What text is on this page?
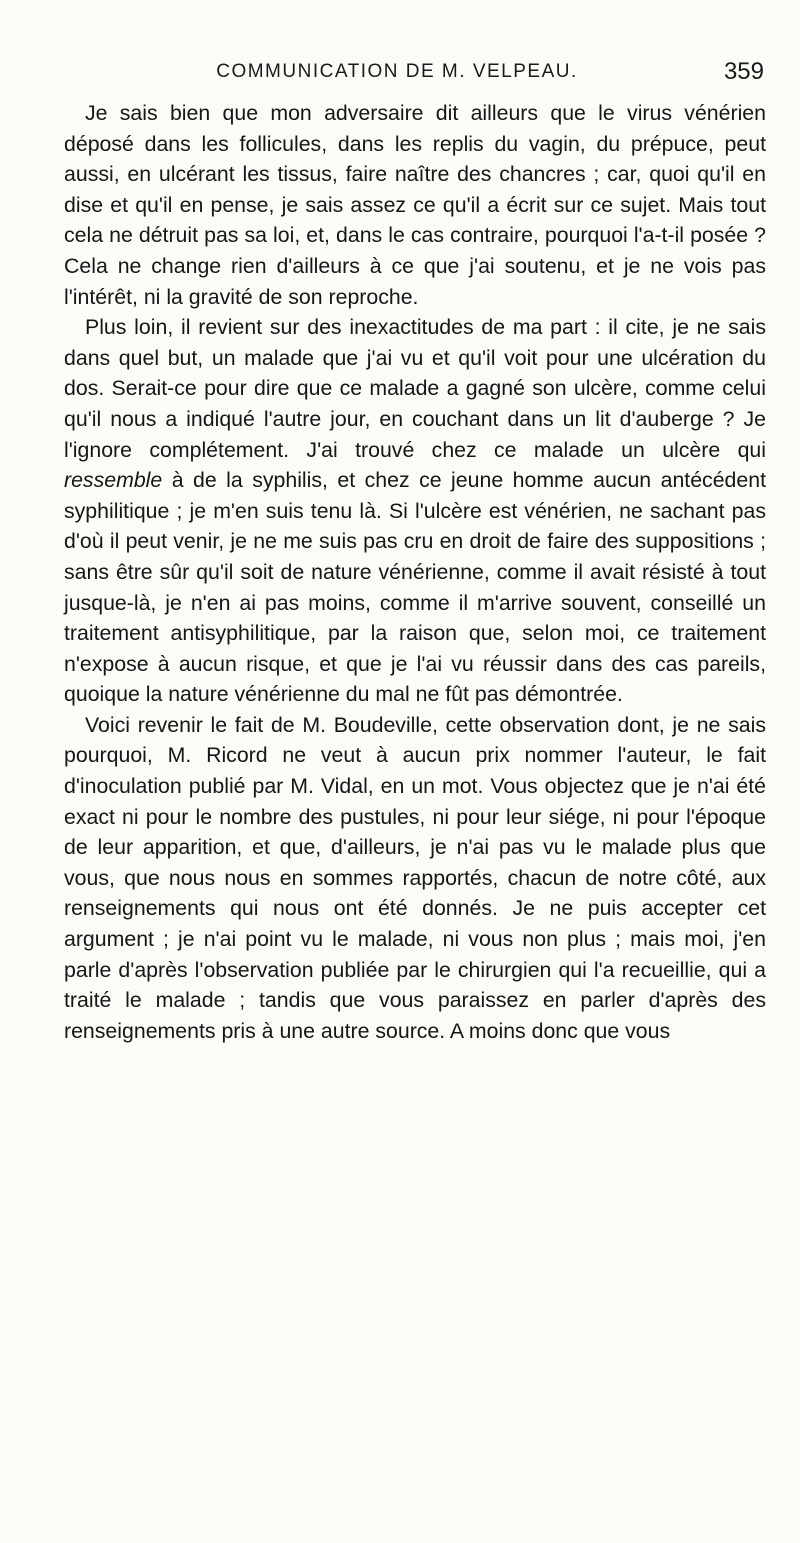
COMMUNICATION DE M. VELPEAU.	359

Je sais bien que mon adversaire dit ailleurs que le virus vénérien déposé dans les follicules, dans les replis du vagin, du prépuce, peut aussi, en ulcérant les tissus, faire naître des chancres ; car, quoi qu'il en dise et qu'il en pense, je sais assez ce qu'il a écrit sur ce sujet. Mais tout cela ne détruit pas sa loi, et, dans le cas contraire, pourquoi l'a-t-il posée ? Cela ne change rien d'ailleurs à ce que j'ai soutenu, et je ne vois pas l'intérêt, ni la gravité de son reproche.

Plus loin, il revient sur des inexactitudes de ma part : il cite, je ne sais dans quel but, un malade que j'ai vu et qu'il voit pour une ulcération du dos. Serait-ce pour dire que ce malade a gagné son ulcère, comme celui qu'il nous a indiqué l'autre jour, en couchant dans un lit d'auberge ? Je l'ignore complétement. J'ai trouvé chez ce malade un ulcère qui ressemble à de la syphilis, et chez ce jeune homme aucun antécédent syphilitique ; je m'en suis tenu là. Si l'ulcère est vénérien, ne sachant pas d'où il peut venir, je ne me suis pas cru en droit de faire des suppositions ; sans être sûr qu'il soit de nature vénérienne, comme il avait résisté à tout jusque-là, je n'en ai pas moins, comme il m'arrive souvent, conseillé un traitement antisyphilitique, par la raison que, selon moi, ce traitement n'expose à aucun risque, et que je l'ai vu réussir dans des cas pareils, quoique la nature vénérienne du mal ne fût pas démontrée.

Voici revenir le fait de M. Boudeville, cette observation dont, je ne sais pourquoi, M. Ricord ne veut à aucun prix nommer l'auteur, le fait d'inoculation publié par M. Vidal, en un mot. Vous objectez que je n'ai été exact ni pour le nombre des pustules, ni pour leur siége, ni pour l'époque de leur apparition, et que, d'ailleurs, je n'ai pas vu le malade plus que vous, que nous nous en sommes rapportés, chacun de notre côté, aux renseignements qui nous ont été donnés. Je ne puis accepter cet argument ; je n'ai point vu le malade, ni vous non plus ; mais moi, j'en parle d'après l'observation publiée par le chirurgien qui l'a recueillie, qui a traité le malade ; tandis que vous paraissez en parler d'après des renseignements pris à une autre source. A moins donc que vous
